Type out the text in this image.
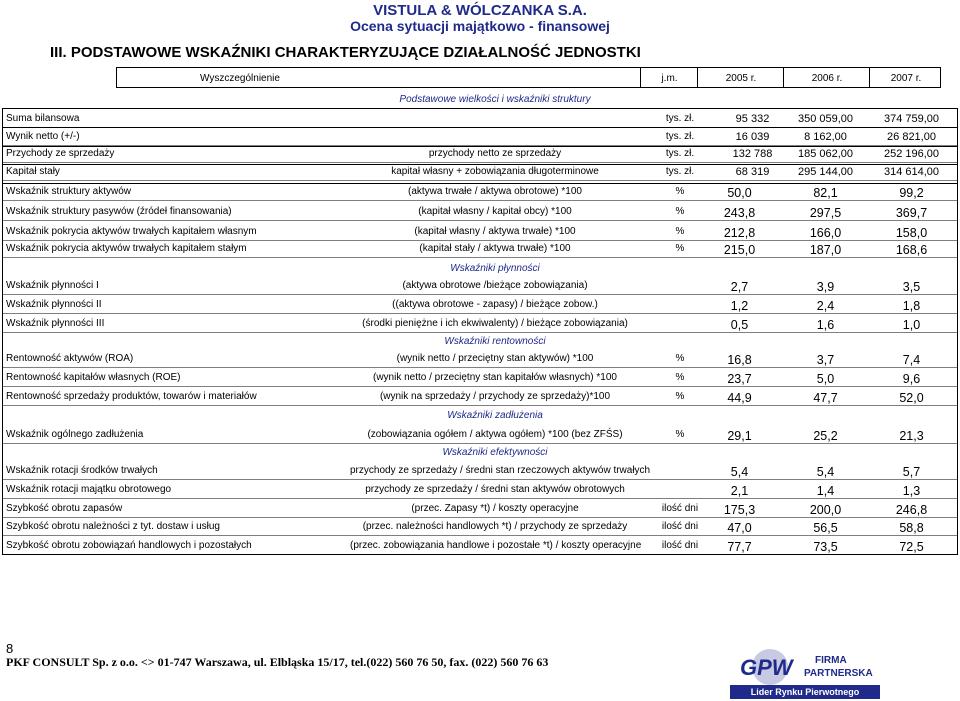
VISTULA & WÓLCZANKA S.A.
Ocena sytuacji majątkowo - finansowej
III. PODSTAWOWE WSKAŹNIKI CHARAKTERYZUJĄCE DZIAŁALNOŚĆ JEDNOSTKI
Wyszczególnienie	j.m.	2005 r.	2006 r.	2007 r.
Podstawowe wielkości i wskaźniki struktury
Wskaźniki płynności
Wskaźniki rentowności
Wskaźniki zadłużenia
Wskaźniki efektywności
Suma bilansowa	tys. zł.	95 332	350 059,00	374 759,00
Wynik netto (+/-)	tys. zł.	16 039	8 162,00	26 821,00
Przychody ze sprzedaży	przychody netto ze sprzedaży	tys. zł.	132 788	185 062,00	252 196,00
Kapitał stały	kapitał własny + zobowiązania długoterminowe	tys. zł.	68 319	295 144,00	314 614,00
Wskaźnik struktury aktywów	(aktywa trwałe / aktywa obrotowe) *100	%	50,0	82,1	99,2
Wskaźnik struktury pasywów (źródeł finansowania)	(kapitał własny / kapitał obcy) *100	%	243,8	297,5	369,7
Wskaźnik pokrycia aktywów trwałych kapitałem własnym	(kapitał własny / aktywa trwałe) *100	%	212,8	166,0	158,0
Wskaźnik pokrycia aktywów trwałych kapitałem stałym	(kapitał stały / aktywa trwałe) *100	%	215,0	187,0	168,6
Wskaźnik płynności I	(aktywa obrotowe /bieżące zobowiązania)	2,7	3,9	3,5
Wskaźnik płynności II	((aktywa obrotowe - zapasy) / bieżące zobow.)	1,2	2,4	1,8
Wskaźnik płynności III	(środki pieniężne i ich ekwiwalenty) / bieżące zobowiązania)	0,5	1,6	1,0
Rentowność aktywów (ROA)	(wynik netto / przeciętny stan aktywów) *100	%	16,8	3,7	7,4
Rentowność kapitałów własnych (ROE)	(wynik netto / przeciętny stan kapitałów własnych) *100	%	23,7	5,0	9,6
Rentowność sprzedaży produktów, towarów i materiałów	(wynik na sprzedaży / przychody ze sprzedaży)*100	%	44,9	47,7	52,0
Wskaźnik ogólnego zadłużenia	(zobowiązania ogółem / aktywa ogółem) *100 (bez ZFŚS)	%	29,1	25,2	21,3
Wskaźnik rotacji środków trwałych	przychody ze sprzedaży / średni stan rzeczowych aktywów trwałych	5,4	5,4	5,7
Wskaźnik rotacji majątku obrotowego	przychody ze sprzedaży / średni stan aktywów obrotowych	2,1	1,4	1,3
Szybkość obrotu zapasów	(przec. Zapasy *t) / koszty operacyjne	ilość dni	175,3	200,0	246,8
Szybkość obrotu należności z tyt. dostaw i usług	(przec. należności handlowych *t) / przychody ze sprzedaży	ilość dni	47,0	56,5	58,8
Szybkość obrotu zobowiązań handlowych i pozostałych	(przec. zobowiązania handlowe i pozostałe *t) / koszty operacyjne	ilość dni	77,7	73,5	72,5
8
PKF CONSULT Sp. z o.o. <> 01-747 Warszawa, ul. Elbląska 15/17, tel.(022) 560 76 50, fax. (022) 560 76 63	GPW FIRMA
PARTNERSKA
Lider Rynku Pierwotnego
